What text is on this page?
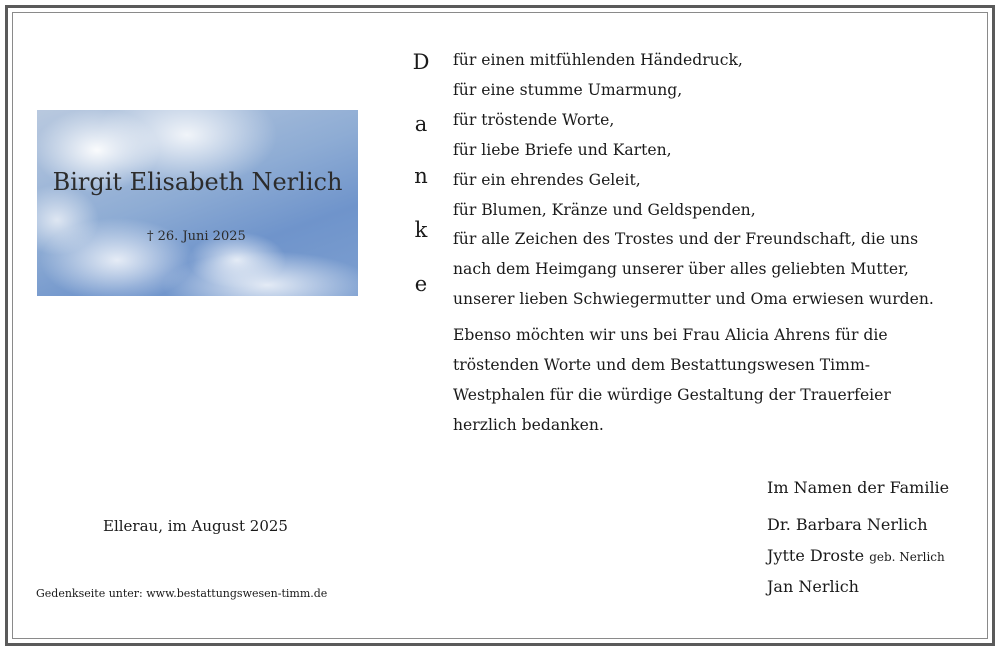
Birgit Elisabeth Nerlich
† 26. Juni 2025
D
a
n
k
e
für einen mitfühlenden Händedruck,
für eine stumme Umarmung,
für tröstende Worte,
für liebe Briefe und Karten,
für ein ehrendes Geleit,
für Blumen, Kränze und Geldspenden,
für alle Zeichen des Trostes und der Freundschaft, die uns
nach dem Heimgang unserer über alles geliebten Mutter,
unserer lieben Schwiegermutter und Oma erwiesen wurden.
Ebenso möchten wir uns bei Frau Alicia Ahrens für die
tröstenden Worte und dem Bestattungswesen Timm-
Westphalen für die würdige Gestaltung der Trauerfeier
herzlich bedanken.
Ellerau, im August 2025
Gedenkseite unter: www.bestattungswesen-timm.de
Im Namen der Familie
Dr. Barbara Nerlich
Jytte Droste geb. Nerlich
Jan Nerlich
